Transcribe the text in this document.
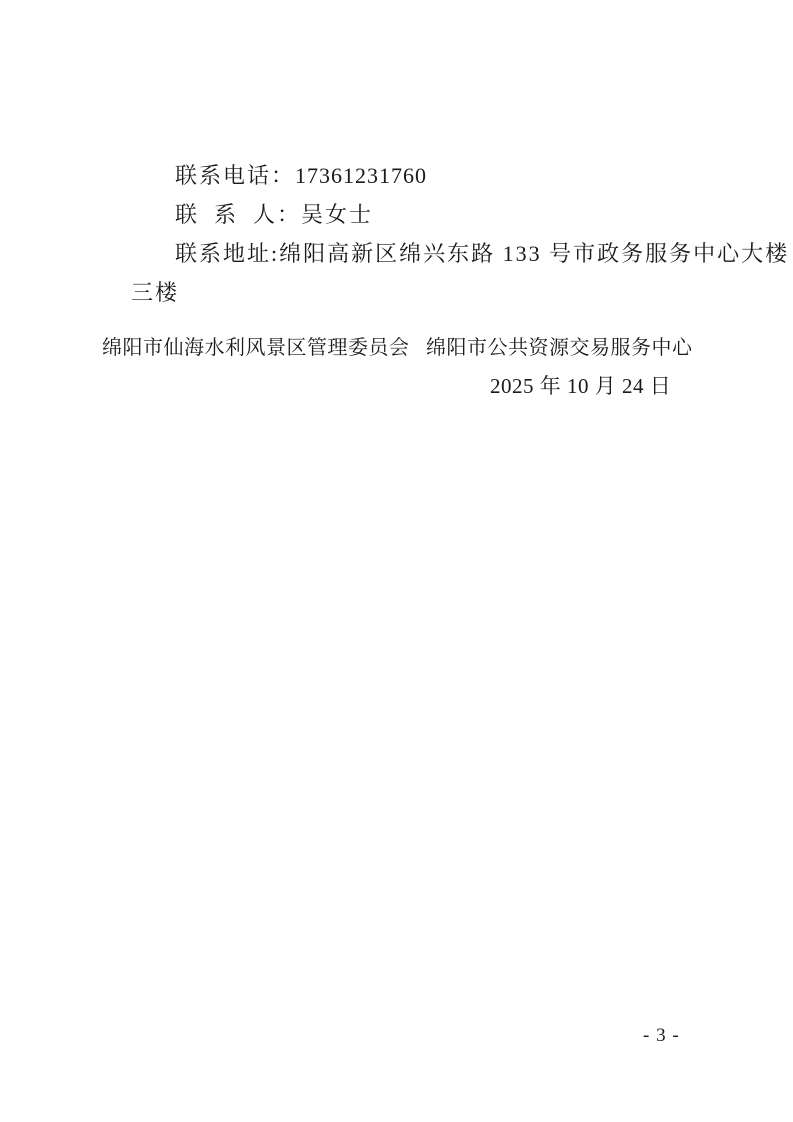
联系电话：17361231760

联  系  人：吴女士

联系地址:绵阳高新区绵兴东路 133 号市政务服务中心大楼

三楼

绵阳市仙海水利风景区管理委员会 绵阳市公共资源交易服务中心
2025 年 10 月 24 日
- 3 -
